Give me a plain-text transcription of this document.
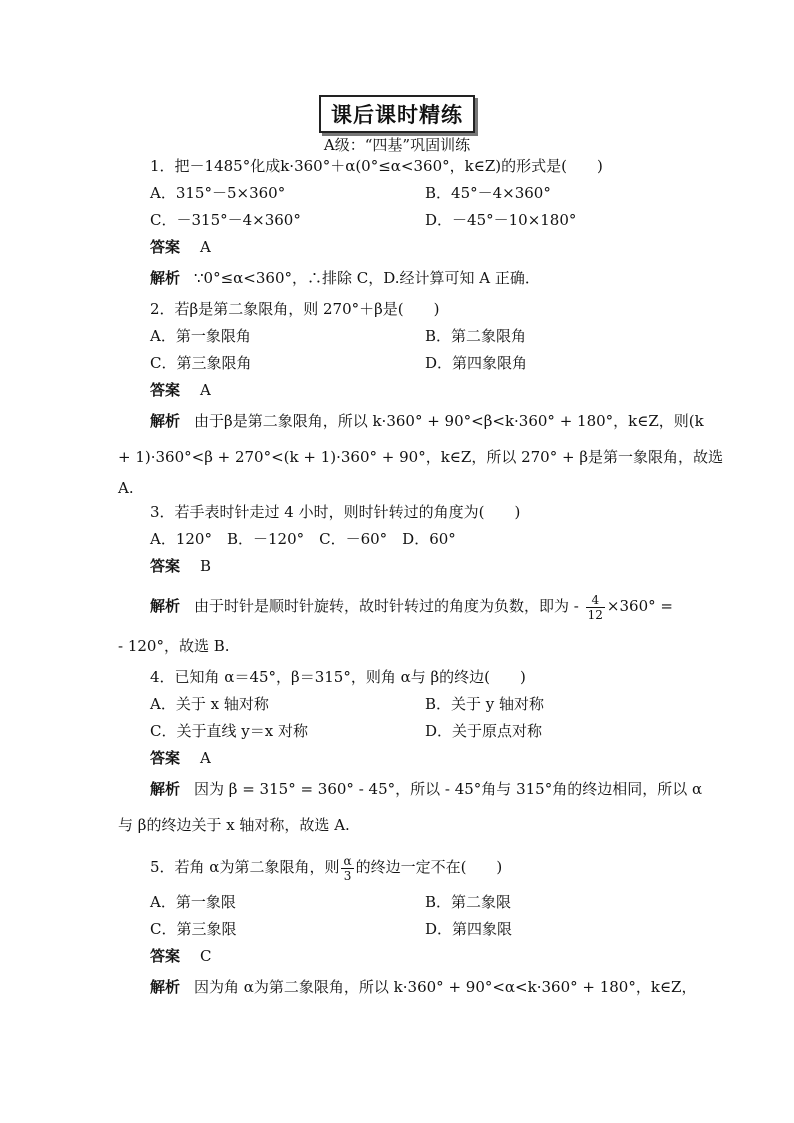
课后课时精练
A级：“四基”巩固训练
1．把－1485°化成k·360°＋α(0°≤α<360°，k∈Z)的形式是(　　)
A．315°－5×360°	B．45°－4×360°
C．－315°－4×360°	D．－45°－10×180°
答案 A
解析 ∵0°≤α<360°，∴排除 C，D.经计算可知 A 正确．
2．若β是第二象限角，则 270°＋β是(　　)
A．第一象限角	B．第二象限角
C．第三象限角	D．第四象限角
答案 A
解析 由于β是第二象限角，所以 k·360° + 90°<β<k·360° + 180°，k∈Z，则(k
+ 1)·360°<β + 270°<(k + 1)·360° + 90°，k∈Z，所以 270° + β是第一象限角，故选
A.
3．若手表时针走过 4 小时，则时针转过的角度为(　　)
A．120°　B．－120°　C．－60°　D．60°
答案 B
解析 由于时针是顺时针旋转，故时针转过的角度为负数，即为 - $\frac{4}{12} \times 360^\circ$ =
- 120°，故选 B.
4．已知角 α＝45°，β＝315°，则角 α与 β的终边(　　)
A．关于 x 轴对称	B．关于 y 轴对称
C．关于直线 y＝x 对称	D．关于原点对称
答案 A
解析 因为 β = 315° = 360° - 45°，所以 - 45°角与 315°角的终边相同，所以 α
与 β的终边关于 x 轴对称，故选 A.
5．若角 α为第二象限角，则 $\frac{\alpha}{3}$ 的终边一定不在(　　)
A．第一象限	B．第二象限
C．第三象限	D．第四象限
答案 C
解析 因为角 α为第二象限角，所以 k·360° + 90°<α<k·360° + 180°，k∈Z，
